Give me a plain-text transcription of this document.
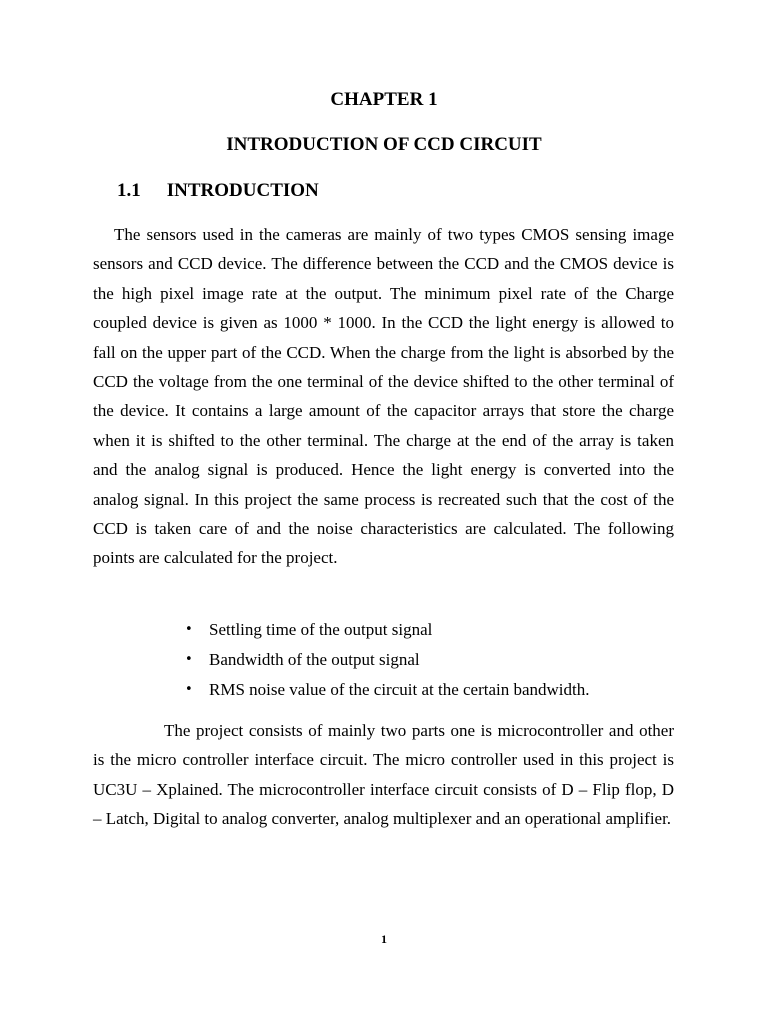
CHAPTER 1
INTRODUCTION OF CCD CIRCUIT
1.1 INTRODUCTION

The sensors used in the cameras are mainly of two types CMOS sensing image sensors and CCD device. The difference between the CCD and the CMOS device is the high pixel image rate at the output. The minimum pixel rate of the Charge coupled device is given as 1000 * 1000. In the CCD the light energy is allowed to fall on the upper part of the CCD. When the charge from the light is absorbed by the CCD the voltage from the one terminal of the device shifted to the other terminal of the device. It contains a large amount of the capacitor arrays that store the charge when it is shifted to the other terminal. The charge at the end of the array is taken and the analog signal is produced. Hence the light energy is converted into the analog signal. In this project the same process is recreated such that the cost of the CCD is taken care of and the noise characteristics are calculated. The following points are calculated for the project.

• Settling time of the output signal
• Bandwidth of the output signal
• RMS noise value of the circuit at the certain bandwidth.

The project consists of mainly two parts one is microcontroller and other is the micro controller interface circuit. The micro controller used in this project is UC3U – Xplained. The microcontroller interface circuit consists of D – Flip flop, D – Latch, Digital to analog converter, analog multiplexer and an operational amplifier.

1
